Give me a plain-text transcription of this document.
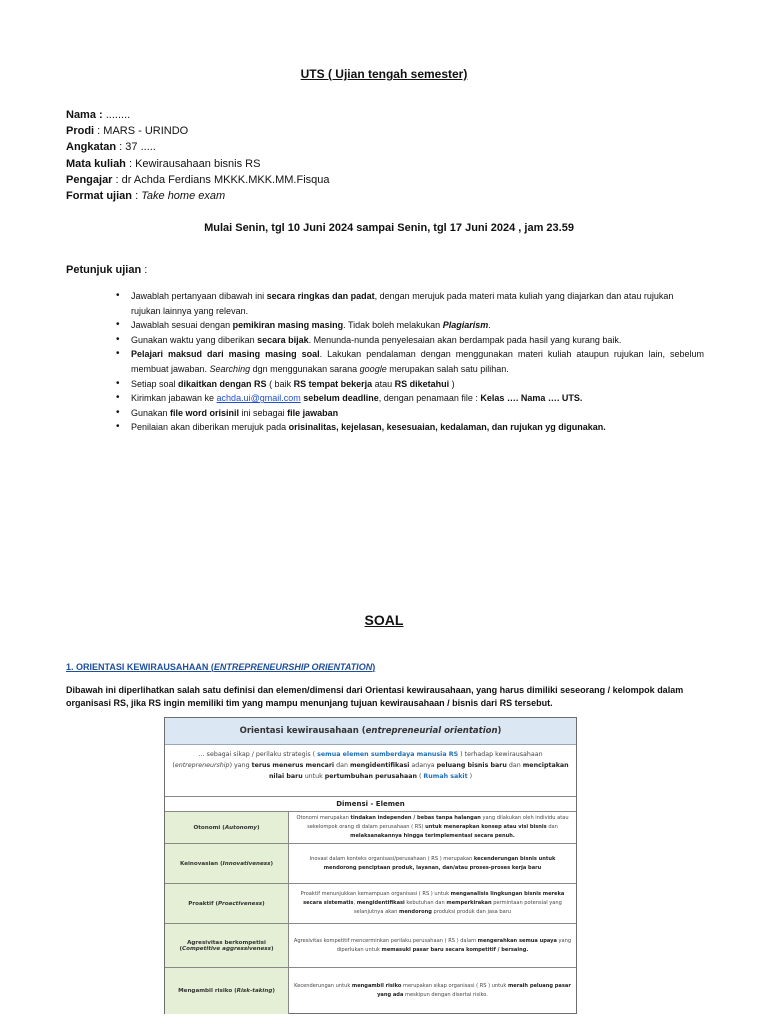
UTS ( Ujian tengah semester)
Nama : ........
Prodi : MARS - URINDO
Angkatan : 37 .....
Mata kuliah : Kewirausahaan bisnis RS
Pengajar : dr Achda Ferdians MKKK.MKK.MM.Fisqua
Format ujian : Take home exam
Mulai Senin, tgl 10 Juni 2024 sampai Senin, tgl 17 Juni 2024 , jam 23.59
Petunjuk ujian :
• Jawablah pertanyaan dibawah ini secara ringkas dan padat, dengan merujuk pada materi mata kuliah yang diajarkan dan atau rujukan rujukan lainnya yang relevan.
• Jawablah sesuai dengan pemikiran masing masing. Tidak boleh melakukan Plagiarism.
• Gunakan waktu yang diberikan secara bijak. Menunda-nunda penyelesaian akan berdampak pada hasil yang kurang baik.
• Pelajari maksud dari masing masing soal. Lakukan pendalaman dengan menggunakan materi kuliah ataupun rujukan lain, sebelum membuat jawaban. Searching dgn menggunakan sarana google merupakan salah satu pilihan.
• Setiap soal dikaitkan dengan RS ( baik RS tempat bekerja atau RS diketahui )
• Kirimkan jabawan ke achda.ui@gmail.com sebelum deadline, dengan penamaan file : Kelas …. Nama …. UTS.
• Gunakan file word orisinil ini sebagai file jawaban
• Penilaian akan diberikan merujuk pada orisinalitas, kejelasan, kesesuaian, kedalaman, dan rujukan yg digunakan.
SOAL
1. ORIENTASI KEWIRAUSAHAAN (ENTREPRENEURSHIP ORIENTATION)
Dibawah ini diperlihatkan salah satu definisi dan elemen/dimensi dari Orientasi kewirausahaan, yang harus dimiliki seseorang / kelompok dalam organisasi RS, jika RS ingin memiliki tim yang mampu menunjang tujuan kewirausahaan / bisnis dari RS tersebut.
Orientasi kewirausahaan (entrepreneurial orientation)
… sebagai sikap / perilaku strategis ( semua elemen sumberdaya manusia RS ) terhadap kewirausahaan (entrepreneurship) yang terus menerus mencari dan mengidentifikasi adanya peluang bisnis baru dan menciptakan nilai baru untuk pertumbuhan perusahaan ( Rumah sakit )
Dimensi - Elemen
Otonomi (Autonomy)
Otonomi merupakan tindakan independen / bebas tanpa halangan yang dilakukan oleh individu atau sekelompok orang di dalam perusahaan ( RS) untuk menerapkan konsep atau visi bisnis dan melaksanakannya hingga terimplementasi secara penuh.
Keinovasian (Innovativeness)
Inovasi dalam konteks organisasi/perusahaan ( RS ) merupakan kecenderungan bisnis untuk mendorong penciptaan produk, layanan, dan/atau proses-proses kerja baru
Proaktif (Proactiveness)
Proaktif menunjukkan kemampuan organisasi ( RS ) untuk menganalisis lingkungan bisnis mereka secara sistematis, mengidentifikasi kebutuhan dan memperkirakan permintaan potensial yang selanjutnya akan mendorong produksi produk dan jasa baru
Agresivitas berkompetisi (Competitive aggressiveness)
Agresivitas kompetitif mencerminkan perilaku perusahaan ( RS ) dalam mengerahkan semua upaya yang diperlukan untuk memasuki pasar baru secara kompetitif / bersaing.
Mengambil risiko (Risk-taking)
Kecenderungan untuk mengambil risiko merupakan sikap organisasi ( RS ) untuk meraih peluang pasar yang ada meskipun dengan disertai risiko.
